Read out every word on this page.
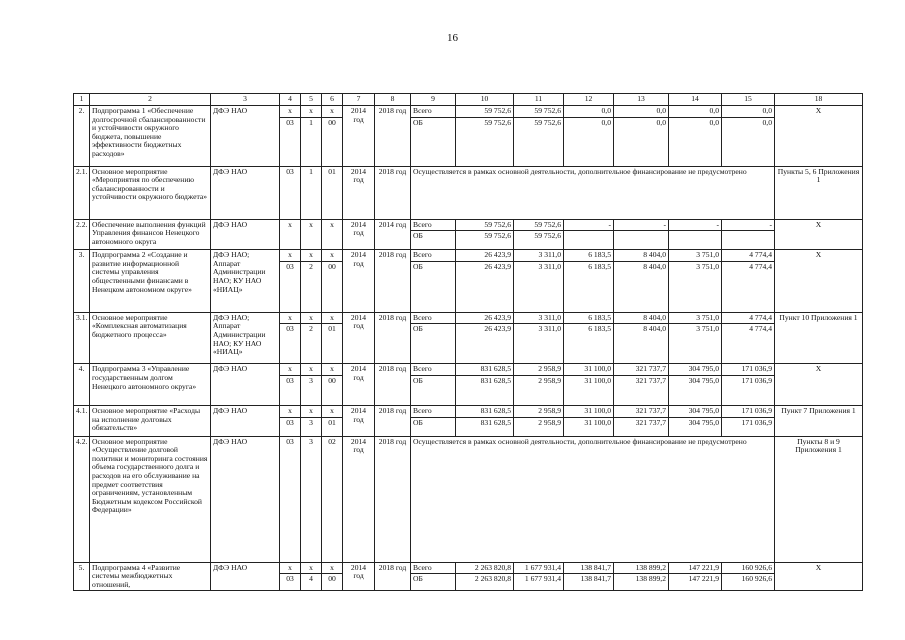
16
1	2	3	4	5	6	7	8	9	10	11	12	13	14	15	18
2.	Подпрограмма 1 «Обеспечение долгосрочной сбалансированности и устойчивости окружного бюджета, повышение эффективности бюджетных расходов»	ДФЭ НАО	x	x	x	2014 год	2018 год	Всего	59 752,6	59 752,6	0,0	0,0	0,0	0,0	X
			03	1	00			ОБ	59 752,6	59 752,6	0,0	0,0	0,0	0,0	
2.1.	Основное мероприятие «Мероприятия по обеспечению сбалансированности и устойчивости окружного бюджета»	ДФЭ НАО	03	1	01	2014 год	2018 год	Осуществляется в рамках основной деятельности, дополнительное финансирование не предусмотрено							Пункты 5, 6 Приложения 1
2.2.	Обеспечение выполнения функций Управления финансов Ненецкого автономного округа	ДФЭ НАО	x	x	x	2014 год	2014 год	Всего	59 752,6	59 752,6	-	-	-	-	X
								ОБ	59 752,6	59 752,6					
3.	Подпрограмма 2 «Создание и развитие информационной системы управления общественными финансами в Ненецком автономном округе»	ДФЭ НАО; Аппарат Администрации НАО; КУ НАО «НИАЦ»	x	x	x	2014 год	2018 год	Всего	26 423,9	3 311,0	6 183,5	8 404,0	3 751,0	4 774,4	X
			03	2	00			ОБ	26 423,9	3 311,0	6 183,5	8 404,0	3 751,0	4 774,4	
3.1.	Основное мероприятие «Комплексная автоматизация бюджетного процесса»	ДФЭ НАО; Аппарат Администрации НАО; КУ НАО «НИАЦ»	x	x	x	2014 год	2018 год	Всего	26 423,9	3 311,0	6 183,5	8 404,0	3 751,0	4 774,4	Пункт 10 Приложения 1
			03	2	01			ОБ	26 423,9	3 311,0	6 183,5	8 404,0	3 751,0	4 774,4	
4.	Подпрограмма 3 «Управление государственным долгом Ненецкого автономного округа»	ДФЭ НАО	x	x	x	2014 год	2018 год	Всего	831 628,5	2 958,9	31 100,0	321 737,7	304 795,0	171 036,9	X
			03	3	00			ОБ	831 628,5	2 958,9	31 100,0	321 737,7	304 795,0	171 036,9	
4.1.	Основное мероприятие «Расходы на исполнение долговых обязательств»	ДФЭ НАО	x	x	x	2014 год	2018 год	Всего	831 628,5	2 958,9	31 100,0	321 737,7	304 795,0	171 036,9	Пункт 7 Приложения 1
			03	3	01			ОБ	831 628,5	2 958,9	31 100,0	321 737,7	304 795,0	171 036,9	
4.2.	Основное мероприятие «Осуществление долговой политики и мониторинга состояния объема государственного долга и расходов на его обслуживание на предмет соответствия ограничениям, установленным Бюджетным кодексом Российской Федерации»	ДФЭ НАО	03	3	02	2014 год	2018 год	Осуществляется в рамках основной деятельности, дополнительное финансирование не предусмотрено							Пункты 8 и 9 Приложения 1
5.	Подпрограмма 4 «Развитие системы межбюджетных отношений,	ДФЭ НАО	x	x	x	2014 год	2018 год	Всего	2 263 820,8	1 677 931,4	138 841,7	138 899,2	147 221,9	160 926,6	X
			03	4	00			ОБ	2 263 820,8	1 677 931,4	138 841,7	138 899,2	147 221,9	160 926,6	
